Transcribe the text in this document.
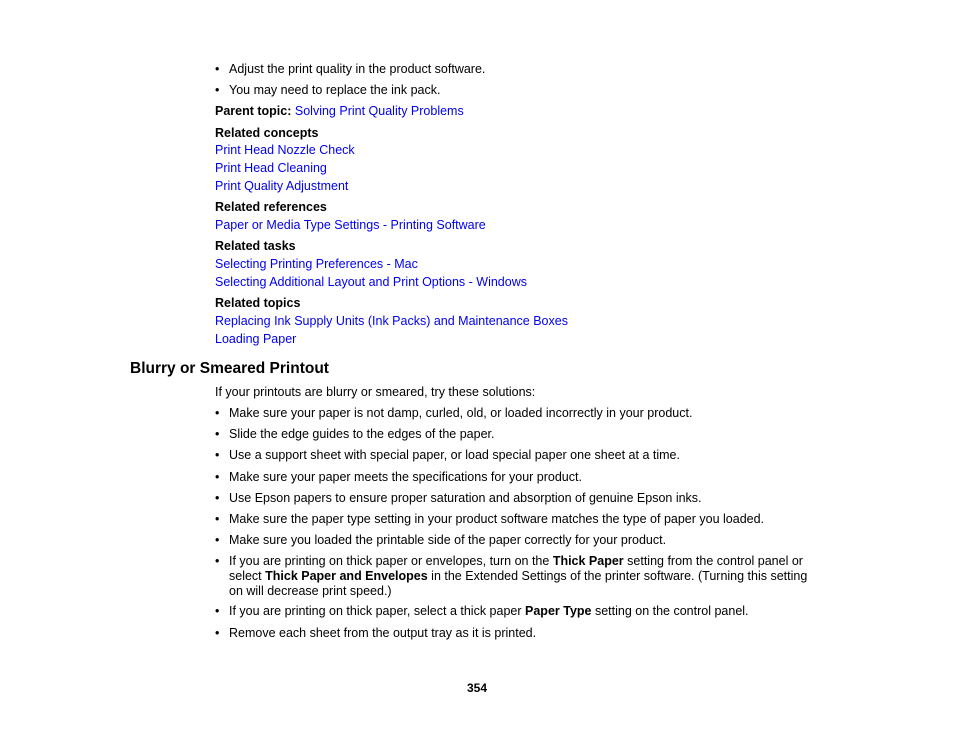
• Adjust the print quality in the product software.
• You may need to replace the ink pack.
Parent topic: Solving Print Quality Problems
Related concepts
Print Head Nozzle Check
Print Head Cleaning
Print Quality Adjustment
Related references
Paper or Media Type Settings - Printing Software
Related tasks
Selecting Printing Preferences - Mac
Selecting Additional Layout and Print Options - Windows
Related topics
Replacing Ink Supply Units (Ink Packs) and Maintenance Boxes
Loading Paper
Blurry or Smeared Printout
If your printouts are blurry or smeared, try these solutions:
• Make sure your paper is not damp, curled, old, or loaded incorrectly in your product.
• Slide the edge guides to the edges of the paper.
• Use a support sheet with special paper, or load special paper one sheet at a time.
• Make sure your paper meets the specifications for your product.
• Use Epson papers to ensure proper saturation and absorption of genuine Epson inks.
• Make sure the paper type setting in your product software matches the type of paper you loaded.
• Make sure you loaded the printable side of the paper correctly for your product.
• If you are printing on thick paper or envelopes, turn on the Thick Paper setting from the control panel or select Thick Paper and Envelopes in the Extended Settings of the printer software. (Turning this setting on will decrease print speed.)
• If you are printing on thick paper, select a thick paper Paper Type setting on the control panel.
• Remove each sheet from the output tray as it is printed.
354
